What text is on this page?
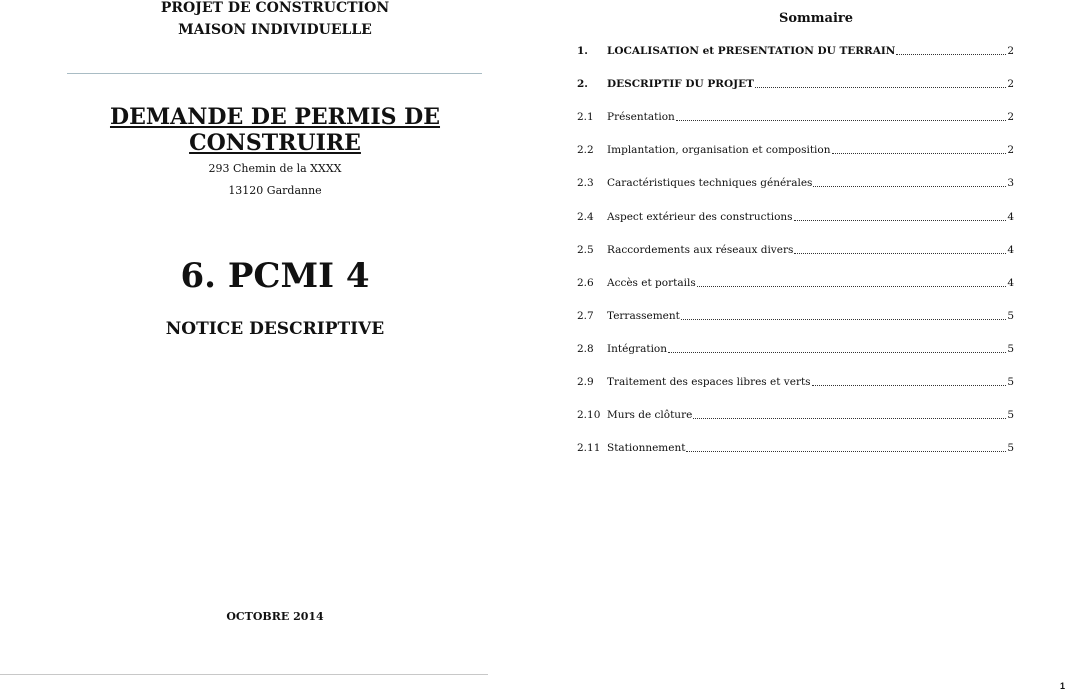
PROJET DE CONSTRUCTION
MAISON INDIVIDUELLE
DEMANDE DE PERMIS DE CONSTRUIRE
293 Chemin de la XXXX
13120 Gardanne
6. PCMI 4
NOTICE DESCRIPTIVE
OCTOBRE 2014
Sommaire
1.	LOCALISATION et PRESENTATION DU TERRAIN	2
2.	DESCRIPTIF DU PROJET	2
2.1	Présentation	2
2.2	Implantation, organisation et composition	2
2.3	Caractéristiques techniques générales	3
2.4	Aspect extérieur des constructions	4
2.5	Raccordements aux réseaux divers	4
2.6	Accès et portails	4
2.7	Terrassement	5
2.8	Intégration	5
2.9	Traitement des espaces libres et verts	5
2.10 Murs de clôture	5
2.11 Stationnement	5
1
